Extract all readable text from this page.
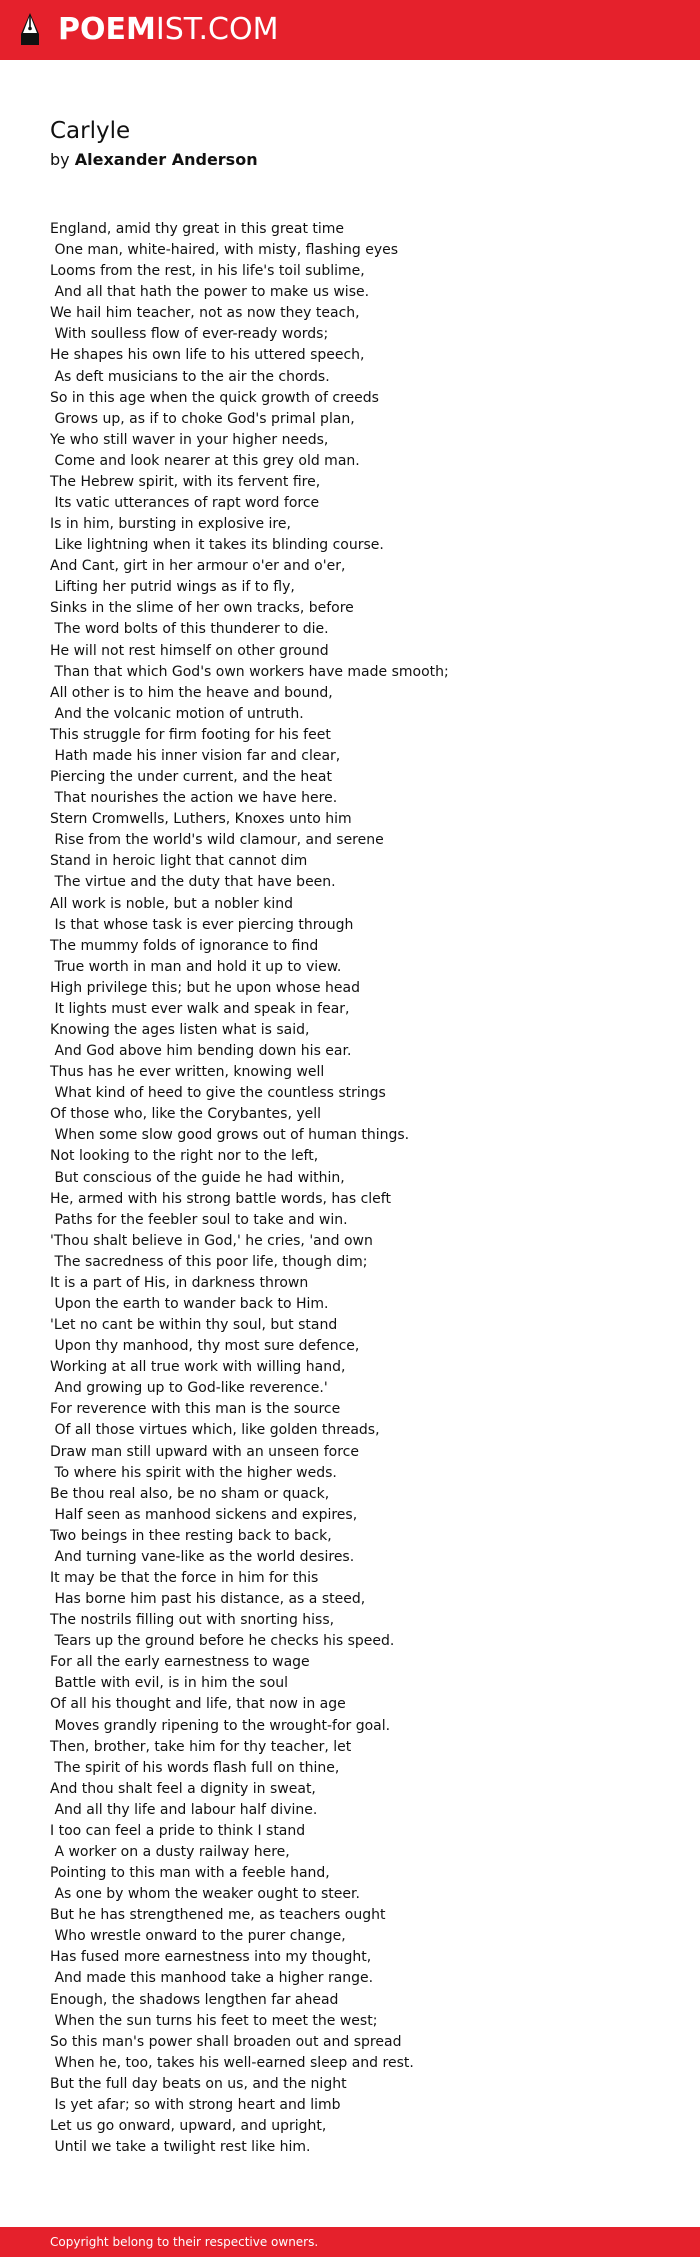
POEMIST.COM
Carlyle

by Alexander Anderson

England, amid thy great in this great time
One man, white-haired, with misty, flashing eyes
Looms from the rest, in his life's toil sublime,
And all that hath the power to make us wise.
We hail him teacher, not as now they teach,
With soulless flow of ever-ready words;
He shapes his own life to his uttered speech,
As deft musicians to the air the chords.
So in this age when the quick growth of creeds
Grows up, as if to choke God's primal plan,
Ye who still waver in your higher needs,
Come and look nearer at this grey old man.
The Hebrew spirit, with its fervent fire,
Its vatic utterances of rapt word force
Is in him, bursting in explosive ire,
Like lightning when it takes its blinding course.
And Cant, girt in her armour o'er and o'er,
Lifting her putrid wings as if to fly,
Sinks in the slime of her own tracks, before
The word bolts of this thunderer to die.
He will not rest himself on other ground
Than that which God's own workers have made smooth;
All other is to him the heave and bound,
And the volcanic motion of untruth.
This struggle for firm footing for his feet
Hath made his inner vision far and clear,
Piercing the under current, and the heat
That nourishes the action we have here.
Stern Cromwells, Luthers, Knoxes unto him
Rise from the world's wild clamour, and serene
Stand in heroic light that cannot dim
The virtue and the duty that have been.
All work is noble, but a nobler kind
Is that whose task is ever piercing through
The mummy folds of ignorance to find
True worth in man and hold it up to view.
High privilege this; but he upon whose head
It lights must ever walk and speak in fear,
Knowing the ages listen what is said,
And God above him bending down his ear.
Thus has he ever written, knowing well
What kind of heed to give the countless strings
Of those who, like the Corybantes, yell
When some slow good grows out of human things.
Not looking to the right nor to the left,
But conscious of the guide he had within,
He, armed with his strong battle words, has cleft
Paths for the feebler soul to take and win.
'Thou shalt believe in God,' he cries, 'and own
The sacredness of this poor life, though dim;
It is a part of His, in darkness thrown
Upon the earth to wander back to Him.
'Let no cant be within thy soul, but stand
Upon thy manhood, thy most sure defence,
Working at all true work with willing hand,
And growing up to God-like reverence.'
For reverence with this man is the source
Of all those virtues which, like golden threads,
Draw man still upward with an unseen force
To where his spirit with the higher weds.
Be thou real also, be no sham or quack,
Half seen as manhood sickens and expires,
Two beings in thee resting back to back,
And turning vane-like as the world desires.
It may be that the force in him for this
Has borne him past his distance, as a steed,
The nostrils filling out with snorting hiss,
Tears up the ground before he checks his speed.
For all the early earnestness to wage
Battle with evil, is in him the soul
Of all his thought and life, that now in age
Moves grandly ripening to the wrought-for goal.
Then, brother, take him for thy teacher, let
The spirit of his words flash full on thine,
And thou shalt feel a dignity in sweat,
And all thy life and labour half divine.
I too can feel a pride to think I stand
A worker on a dusty railway here,
Pointing to this man with a feeble hand,
As one by whom the weaker ought to steer.
But he has strengthened me, as teachers ought
Who wrestle onward to the purer change,
Has fused more earnestness into my thought,
And made this manhood take a higher range.
Enough, the shadows lengthen far ahead
When the sun turns his feet to meet the west;
So this man's power shall broaden out and spread
When he, too, takes his well-earned sleep and rest.
But the full day beats on us, and the night
Is yet afar; so with strong heart and limb
Let us go onward, upward, and upright,
Until we take a twilight rest like him.
Copyright belong to their respective owners.
